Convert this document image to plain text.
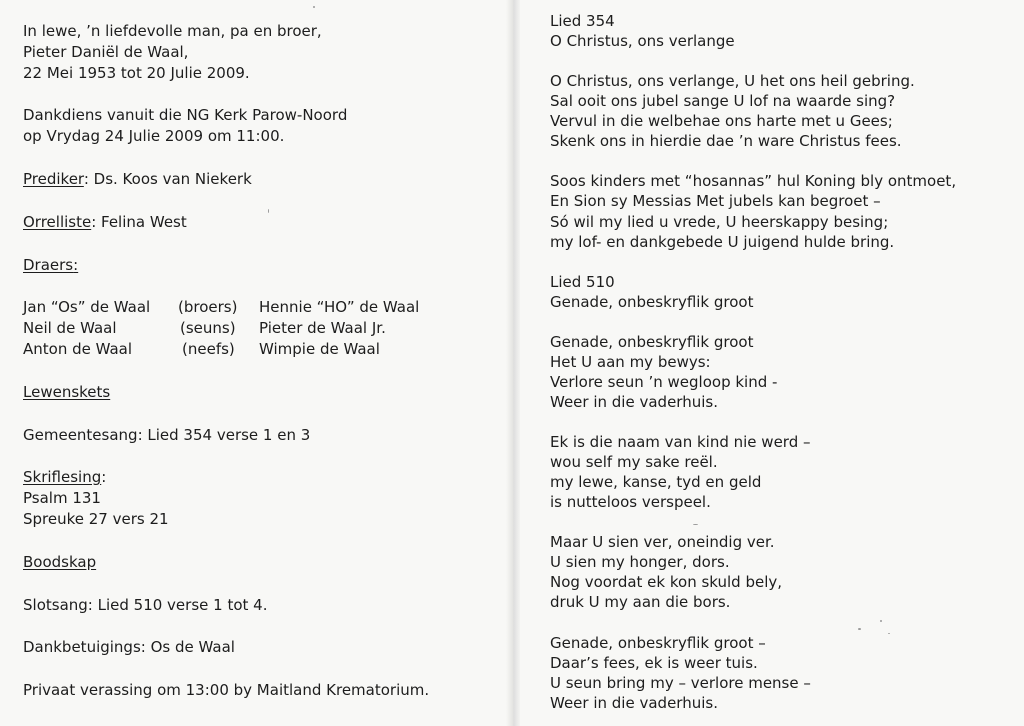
In lewe, ’n liefdevolle man, pa en broer,
Pieter Daniël de Waal,
22 Mei 1953 tot 20 Julie 2009.
Dankdiens vanuit die NG Kerk Parow-Noord
op Vrydag 24 Julie 2009 om 11:00.
Prediker: Ds. Koos van Niekerk
Orrelliste: Felina West
Draers:
Jan “Os” de Waal (broers) Hennie “HO” de Waal
Neil de Waal	(seuns) Pieter de Waal Jr.
Anton de Waal	(neefs) Wimpie de Waal
Lewenskets
Gemeentesang: Lied 354 verse 1 en 3
Skriflesing:
Psalm 131
Spreuke 27 vers 21
Boodskap
Slotsang: Lied 510 verse 1 tot 4.
Dankbetuigings: Os de Waal
Privaat verassing om 13:00 by Maitland Krematorium.
Lied 354
O Christus, ons verlange
O Christus, ons verlange, U het ons heil gebring.
Sal ooit ons jubel sange U lof na waarde sing?
Vervul in die welbehae ons harte met u Gees;
Skenk ons in hierdie dae ’n ware Christus fees.
Soos kinders met “hosannas” hul Koning bly ontmoet,
En Sion sy Messias Met jubels kan begroet –
Só wil my lied u vrede, U heerskappy besing;
my lof- en dankgebede U juigend hulde bring.
Lied 510
Genade, onbeskryflik groot
Genade, onbeskryflik groot
Het U aan my bewys:
Verlore seun ’n wegloop kind -
Weer in die vaderhuis.
Ek is die naam van kind nie werd –
wou self my sake reël.
my lewe, kanse, tyd en geld
is nutteloos verspeel.
Maar U sien ver, oneindig ver.
U sien my honger, dors.
Nog voordat ek kon skuld bely,
druk U my aan die bors.
Genade, onbeskryflik groot –
Daar’s fees, ek is weer tuis.
U seun bring my – verlore mense –
Weer in die vaderhuis.
